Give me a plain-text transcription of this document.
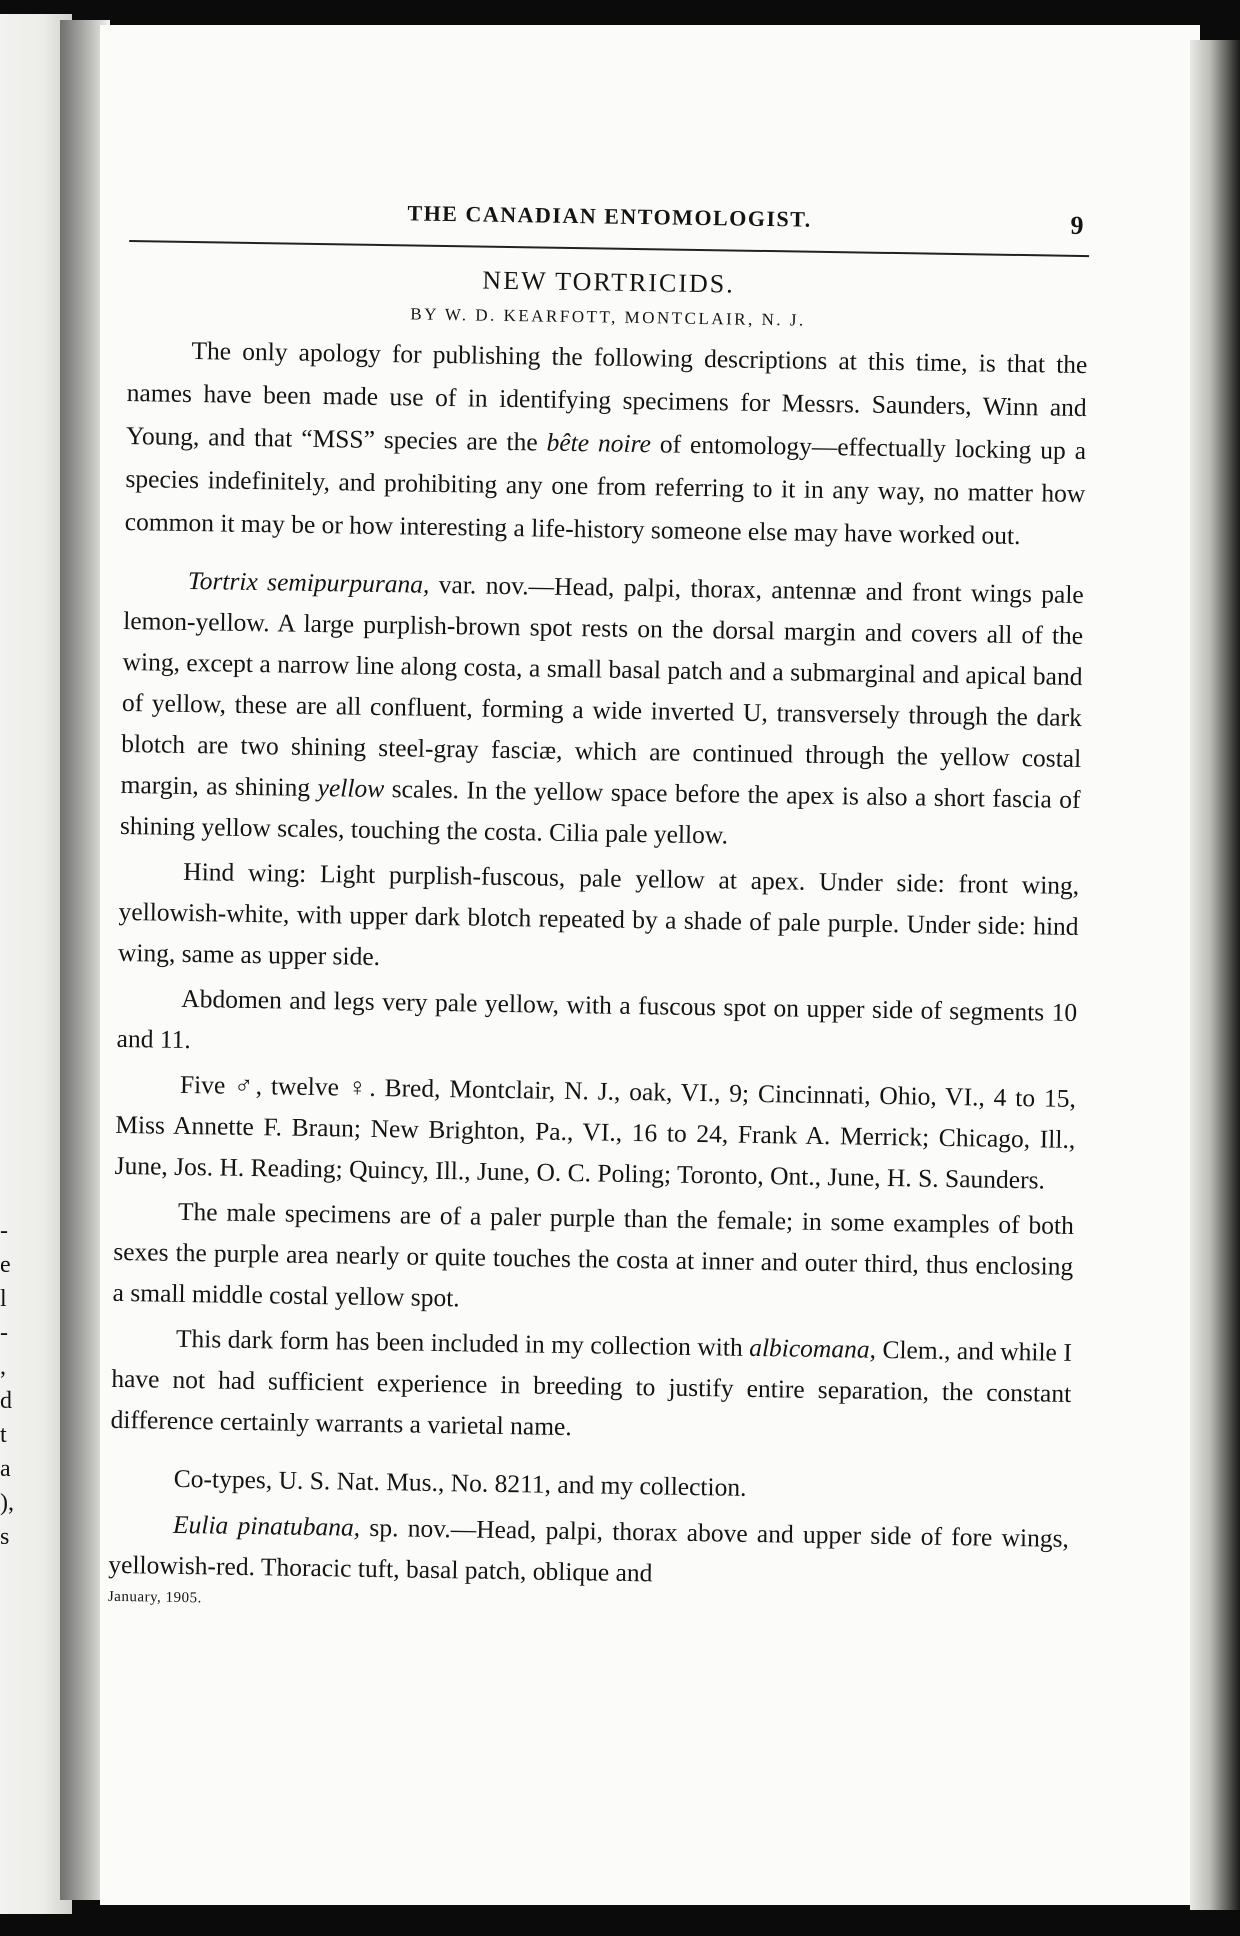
-
e
l
-
,
d
t
a
),
s
THE CANADIAN ENTOMOLOGIST.	9
NEW TORTRICIDS.
BY W. D. KEARFOTT, MONTCLAIR, N. J.

The only apology for publishing the following descriptions at this time, is that the names have been made use of in identifying specimens for Messrs. Saunders, Winn and Young, and that “MSS” species are the bête noire of entomology—effectually locking up a species indefinitely, and prohibiting any one from referring to it in any way, no matter how common it may be or how interesting a life-history someone else may have worked out.

Tortrix semipurpurana, var. nov.—Head, palpi, thorax, antennæ and front wings pale lemon-yellow. A large purplish-brown spot rests on the dorsal margin and covers all of the wing, except a narrow line along costa, a small basal patch and a submarginal and apical band of yellow, these are all confluent, forming a wide inverted U, transversely through the dark blotch are two shining steel-gray fasciæ, which are continued through the yellow costal margin, as shining yellow scales. In the yellow space before the apex is also a short fascia of shining yellow scales, touching the costa. Cilia pale yellow.

Hind wing: Light purplish-fuscous, pale yellow at apex. Under side: front wing, yellowish-white, with upper dark blotch repeated by a shade of pale purple. Under side: hind wing, same as upper side.

Abdomen and legs very pale yellow, with a fuscous spot on upper side of segments 10 and 11.

Five ♂, twelve ♀. Bred, Montclair, N. J., oak, VI., 9; Cincinnati, Ohio, VI., 4 to 15, Miss Annette F. Braun; New Brighton, Pa., VI., 16 to 24, Frank A. Merrick; Chicago, Ill., June, Jos. H. Reading; Quincy, Ill., June, O. C. Poling; Toronto, Ont., June, H. S. Saunders.

The male specimens are of a paler purple than the female; in some examples of both sexes the purple area nearly or quite touches the costa at inner and outer third, thus enclosing a small middle costal yellow spot.

This dark form has been included in my collection with albicomana, Clem., and while I have not had sufficient experience in breeding to justify entire separation, the constant difference certainly warrants a varietal name.

Co-types, U. S. Nat. Mus., No. 8211, and my collection.

Eulia pinatubana, sp. nov.—Head, palpi, thorax above and upper side of fore wings, yellowish-red. Thoracic tuft, basal patch, oblique and

January, 1905.
